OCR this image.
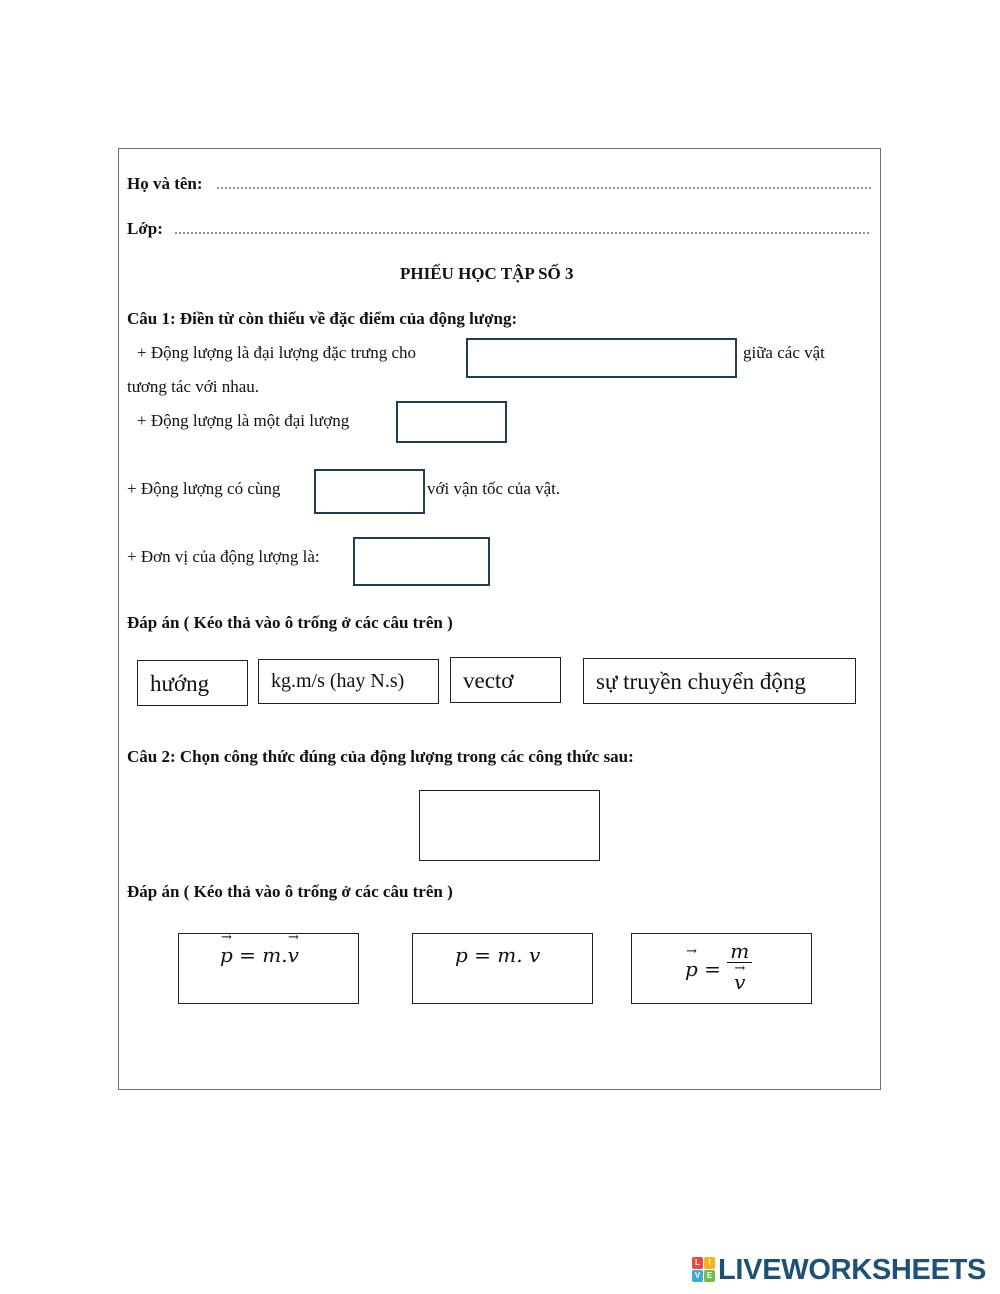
Họ và tên:
Lớp:
PHIẾU HỌC TẬP SỐ 3
Câu 1: Điền từ còn thiếu về đặc điểm của động lượng:
+ Động lượng là đại lượng đặc trưng cho	giữa các vật
tương tác với nhau.
+ Động lượng là một đại lượng
+ Động lượng có cùng	với vận tốc của vật.
+ Đơn vị của động lượng là:
Đáp án ( Kéo thả vào ô trống ở các câu trên )
hướng	kg.m/s (hay N.s)	vectơ	sự truyền chuyển động
Câu 2: Chọn công thức đúng của động lượng trong các công thức sau:
Đáp án ( Kéo thả vào ô trống ở các câu trên )
→ p = m.→ v	p = m. v
→ p = m
→ v
L	I
V E LIVEWORKSHEETS
